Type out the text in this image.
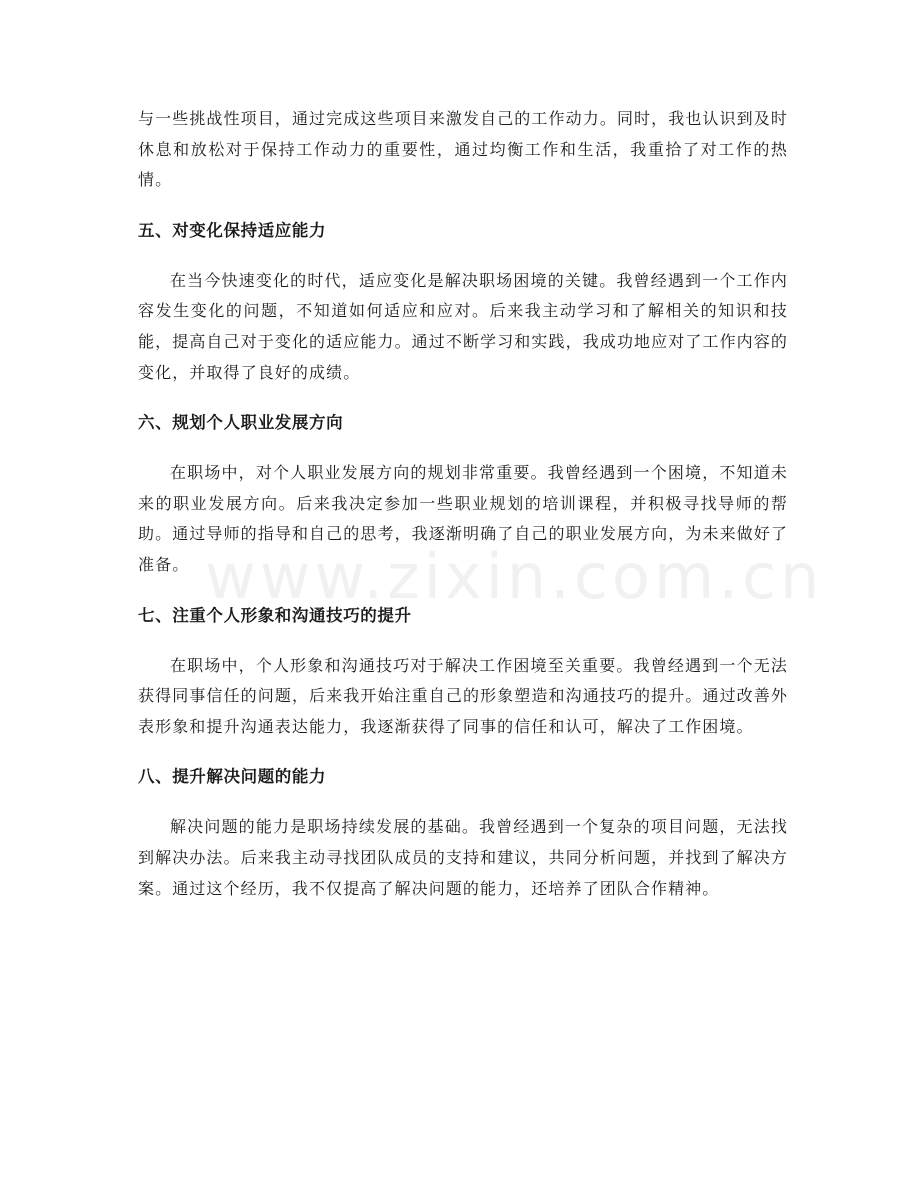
www.zixin.com.cn

与一些挑战性项目，通过完成这些项目来激发自己的工作动力。同时，我也认识到及时休息和放松对于保持工作动力的重要性，通过均衡工作和生活，我重拾了对工作的热情。

五、对变化保持适应能力

在当今快速变化的时代，适应变化是解决职场困境的关键。我曾经遇到一个工作内容发生变化的问题，不知道如何适应和应对。后来我主动学习和了解相关的知识和技能，提高自己对于变化的适应能力。通过不断学习和实践，我成功地应对了工作内容的变化，并取得了良好的成绩。

六、规划个人职业发展方向

在职场中，对个人职业发展方向的规划非常重要。我曾经遇到一个困境，不知道未来的职业发展方向。后来我决定参加一些职业规划的培训课程，并积极寻找导师的帮助。通过导师的指导和自己的思考，我逐渐明确了自己的职业发展方向，为未来做好了准备。

七、注重个人形象和沟通技巧的提升

在职场中，个人形象和沟通技巧对于解决工作困境至关重要。我曾经遇到一个无法获得同事信任的问题，后来我开始注重自己的形象塑造和沟通技巧的提升。通过改善外表形象和提升沟通表达能力，我逐渐获得了同事的信任和认可，解决了工作困境。

八、提升解决问题的能力

解决问题的能力是职场持续发展的基础。我曾经遇到一个复杂的项目问题，无法找到解决办法。后来我主动寻找团队成员的支持和建议，共同分析问题，并找到了解决方案。通过这个经历，我不仅提高了解决问题的能力，还培养了团队合作精神。
